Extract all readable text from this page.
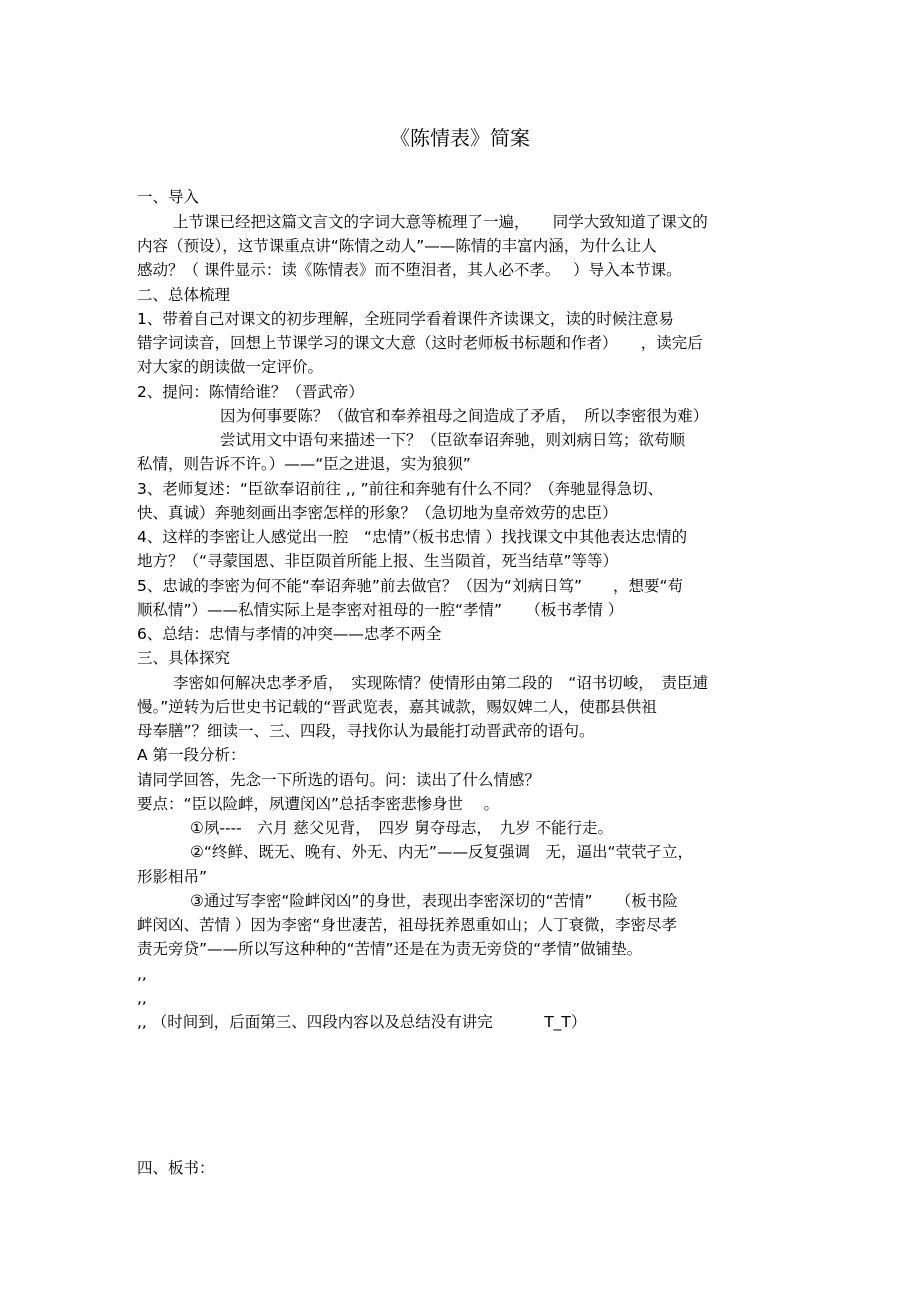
《陈情表》简案
一、导入
上节课已经把这篇文言文的字词大意等梳理了一遍，　　同学大致知道了课文的
内容（预设），这节课重点讲“陈情之动人”——陈情的丰富内涵，为什么让人
感动？（ 课件显示：读《陈情表》而不堕泪者，其人必不孝。　 ）导入本节课。
二、总体梳理
1、带着自己对课文的初步理解，全班同学看着课件齐读课文，读的时候注意易
错字词读音，回想上节课学习的课文大意（这时老师板书标题和作者）　　，读完后
对大家的朗读做一定评价。
2、提问：陈情给谁？（晋武帝）
因为何事要陈？（做官和奉养祖母之间造成了矛盾，　所以李密很为难）
尝试用文中语句来描述一下？（臣欲奉诏奔驰，则刘病日笃；欲苟顺
私情，则告诉不许。）——“臣之进退，实为狼狈”
3、老师复述：“臣欲奉诏前往 ,, ”前往和奔驰有什么不同？（奔驰显得急切、
快、真诚）奔驰刻画出李密怎样的形象？（急切地为皇帝效劳的忠臣）
4、这样的李密让人感觉出一腔　“忠情”（板书忠情 ）找找课文中其他表达忠情的
地方？（“寻蒙国恩、非臣陨首所能上报、生当陨首，死当结草”等等）
5、忠诚的李密为何不能“奉诏奔驰”前去做官？（因为“刘病日笃”　　，想要“苟
顺私情”）——私情实际上是李密对祖母的一腔“孝情”　　（板书孝情 ）
6、总结：忠情与孝情的冲突——忠孝不两全
三、具体探究
李密如何解决忠孝矛盾，　实现陈情？使情形由第二段的　“诏书切峻，　责臣逋
慢。”逆转为后世史书记载的“晋武览表，嘉其诚款，赐奴婢二人，使郡县供祖
母奉膳”？细读一、三、四段，寻找你认为最能打动晋武帝的语句。
A 第一段分析：
请同学回答，先念一下所选的语句。问：读出了什么情感？
要点：“臣以险衅，夙遭闵凶”总括李密悲惨身世　 。
①夙----　六月 慈父见背，　四岁 舅夺母志，　九岁 不能行走。
②“终鲜、既无、晚有、外无、内无”——反复强调　无，逼出“茕茕孑立，
形影相吊”
③通过写李密“险衅闵凶”的身世，表现出李密深切的“苦情”　　（板书险
衅闵凶、苦情 ）因为李密“身世凄苦，祖母抚养恩重如山；人丁衰微，李密尽孝
责无旁贷”——所以写这种种的“苦情”还是在为责无旁贷的“孝情”做铺垫。
,,
,,
,, （时间到，后面第三、四段内容以及总结没有讲完　　　 T_T）
四、板书：
